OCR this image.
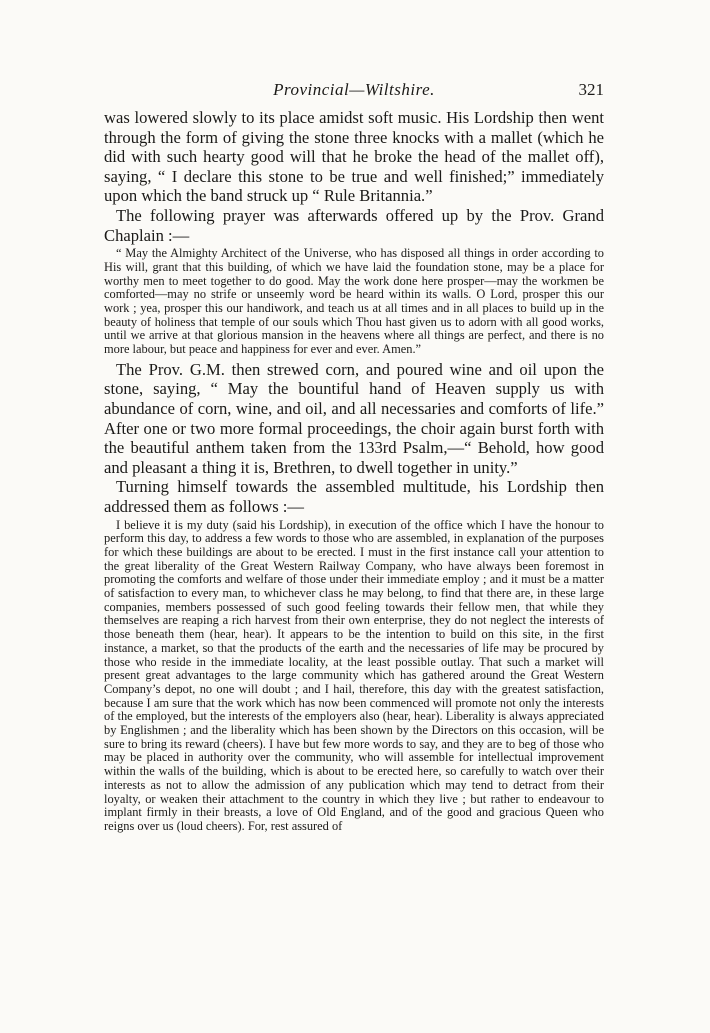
Provincial—Wiltshire.	321

was lowered slowly to its place amidst soft music. His Lordship then went through the form of giving the stone three knocks with a mallet (which he did with such hearty good will that he broke the head of the mallet off), saying, “ I declare this stone to be true and well finished;” immediately upon which the band struck up “ Rule Britannia.”

The following prayer was afterwards offered up by the Prov. Grand Chaplain :—

“ May the Almighty Architect of the Universe, who has disposed all things in order according to His will, grant that this building, of which we have laid the foundation stone, may be a place for worthy men to meet together to do good. May the work done here prosper—may the workmen be comforted—may no strife or unseemly word be heard within its walls. O Lord, prosper this our work ; yea, prosper this our handiwork, and teach us at all times and in all places to build up in the beauty of holiness that temple of our souls which Thou hast given us to adorn with all good works, until we arrive at that glorious mansion in the heavens where all things are perfect, and there is no more labour, but peace and happiness for ever and ever. Amen.”

The Prov. G.M. then strewed corn, and poured wine and oil upon the stone, saying, “ May the bountiful hand of Heaven supply us with abundance of corn, wine, and oil, and all necessaries and comforts of life.” After one or two more formal proceedings, the choir again burst forth with the beautiful anthem taken from the 133rd Psalm,—“ Behold, how good and pleasant a thing it is, Brethren, to dwell together in unity.”

Turning himself towards the assembled multitude, his Lordship then addressed them as follows :—

I believe it is my duty (said his Lordship), in execution of the office which I have the honour to perform this day, to address a few words to those who are assembled, in explanation of the purposes for which these buildings are about to be erected. I must in the first instance call your attention to the great liberality of the Great Western Railway Company, who have always been foremost in promoting the comforts and welfare of those under their immediate employ ; and it must be a matter of satisfaction to every man, to whichever class he may belong, to find that there are, in these large companies, members possessed of such good feeling towards their fellow men, that while they themselves are reaping a rich harvest from their own enterprise, they do not neglect the interests of those beneath them (hear, hear). It appears to be the intention to build on this site, in the first instance, a market, so that the products of the earth and the necessaries of life may be procured by those who reside in the immediate locality, at the least possible outlay. That such a market will present great advantages to the large community which has gathered around the Great Western Company’s depot, no one will doubt ; and I hail, therefore, this day with the greatest satisfaction, because I am sure that the work which has now been commenced will promote not only the interests of the employed, but the interests of the employers also (hear, hear). Liberality is always appreciated by Englishmen ; and the liberality which has been shown by the Directors on this occasion, will be sure to bring its reward (cheers). I have but few more words to say, and they are to beg of those who may be placed in authority over the community, who will assemble for intellectual improvement within the walls of the building, which is about to be erected here, so carefully to watch over their interests as not to allow the admission of any publication which may tend to detract from their loyalty, or weaken their attachment to the country in which they live ; but rather to endeavour to implant firmly in their breasts, a love of Old England, and of the good and gracious Queen who reigns over us (loud cheers). For, rest assured of
